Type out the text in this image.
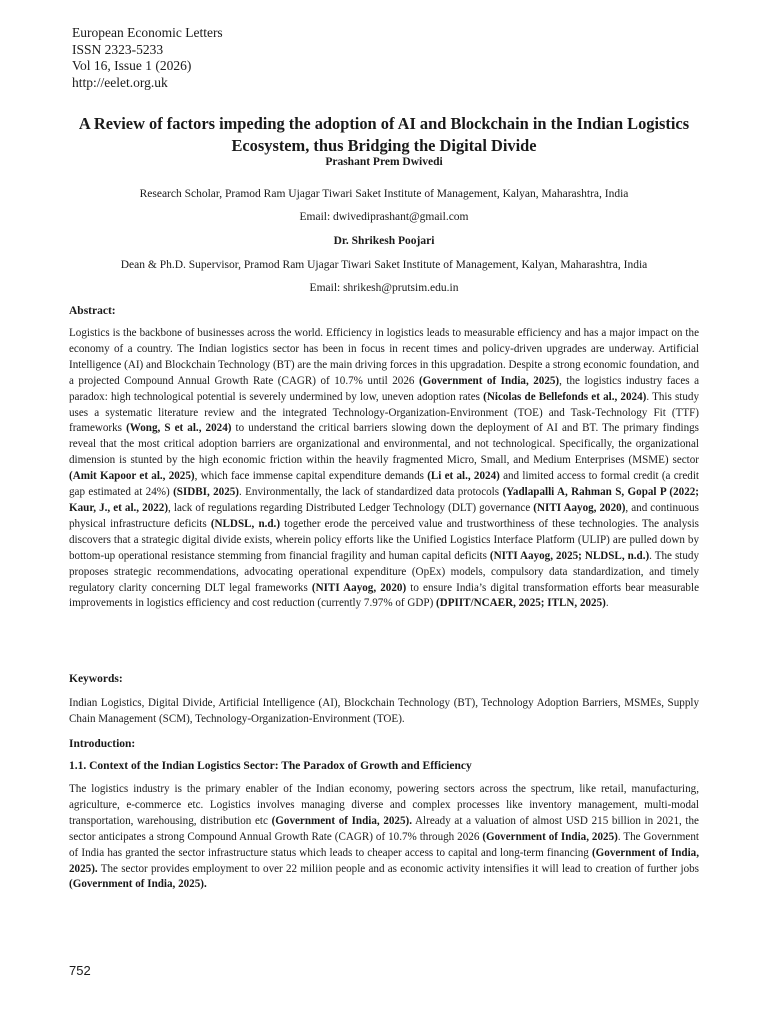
European Economic Letters
ISSN 2323-5233
Vol 16, Issue 1 (2026)
http://eelet.org.uk
A Review of factors impeding the adoption of AI and Blockchain in the Indian Logistics Ecosystem, thus Bridging the Digital Divide
Prashant Prem Dwivedi
Research Scholar, Pramod Ram Ujagar Tiwari Saket Institute of Management, Kalyan, Maharashtra, India
Email: dwivediprashant@gmail.com
Dr. Shrikesh Poojari
Dean & Ph.D. Supervisor, Pramod Ram Ujagar Tiwari Saket Institute of Management, Kalyan, Maharashtra, India
Email: shrikesh@prutsim.edu.in
Abstract:
Logistics is the backbone of businesses across the world. Efficiency in logistics leads to measurable efficiency and has a major impact on the economy of a country. The Indian logistics sector has been in focus in recent times and policy-driven upgrades are underway. Artificial Intelligence (AI) and Blockchain Technology (BT) are the main driving forces in this upgradation. Despite a strong economic foundation, and a projected Compound Annual Growth Rate (CAGR) of 10.7% until 2026 (Government of India, 2025), the logistics industry faces a paradox: high technological potential is severely undermined by low, uneven adoption rates (Nicolas de Bellefonds et al., 2024). This study uses a systematic literature review and the integrated Technology-Organization-Environment (TOE) and Task-Technology Fit (TTF) frameworks (Wong, S et al., 2024) to understand the critical barriers slowing down the deployment of AI and BT. The primary findings reveal that the most critical adoption barriers are organizational and environmental, and not technological. Specifically, the organizational dimension is stunted by the high economic friction within the heavily fragmented Micro, Small, and Medium Enterprises (MSME) sector (Amit Kapoor et al., 2025), which face immense capital expenditure demands (Li et al., 2024) and limited access to formal credit (a credit gap estimated at 24%) (SIDBI, 2025). Environmentally, the lack of standardized data protocols (Yadlapalli A, Rahman S, Gopal P (2022; Kaur, J., et al., 2022), lack of regulations regarding Distributed Ledger Technology (DLT) governance (NITI Aayog, 2020), and continuous physical infrastructure deficits (NLDSL, n.d.) together erode the perceived value and trustworthiness of these technologies. The analysis discovers that a strategic digital divide exists, wherein policy efforts like the Unified Logistics Interface Platform (ULIP) are pulled down by bottom-up operational resistance stemming from financial fragility and human capital deficits (NITI Aayog, 2025; NLDSL, n.d.). The study proposes strategic recommendations, advocating operational expenditure (OpEx) models, compulsory data standardization, and timely regulatory clarity concerning DLT legal frameworks (NITI Aayog, 2020) to ensure India’s digital transformation efforts bear measurable improvements in logistics efficiency and cost reduction (currently 7.97% of GDP) (DPIIT/NCAER, 2025; ITLN, 2025).
Keywords:
Indian Logistics, Digital Divide, Artificial Intelligence (AI), Blockchain Technology (BT), Technology Adoption Barriers, MSMEs, Supply Chain Management (SCM), Technology-Organization-Environment (TOE).
Introduction:
1.1. Context of the Indian Logistics Sector: The Paradox of Growth and Efficiency
The logistics industry is the primary enabler of the Indian economy, powering sectors across the spectrum, like retail, manufacturing, agriculture, e-commerce etc. Logistics involves managing diverse and complex processes like inventory management, multi-modal transportation, warehousing, distribution etc (Government of India, 2025). Already at a valuation of almost USD 215 billion in 2021, the sector anticipates a strong Compound Annual Growth Rate (CAGR) of 10.7% through 2026 (Government of India, 2025). The Government of India has granted the sector infrastructure status which leads to cheaper access to capital and long-term financing (Government of India, 2025). The sector provides employment to over 22 miliion people and as economic activity intensifies it will lead to creation of further jobs (Government of India, 2025).
752
